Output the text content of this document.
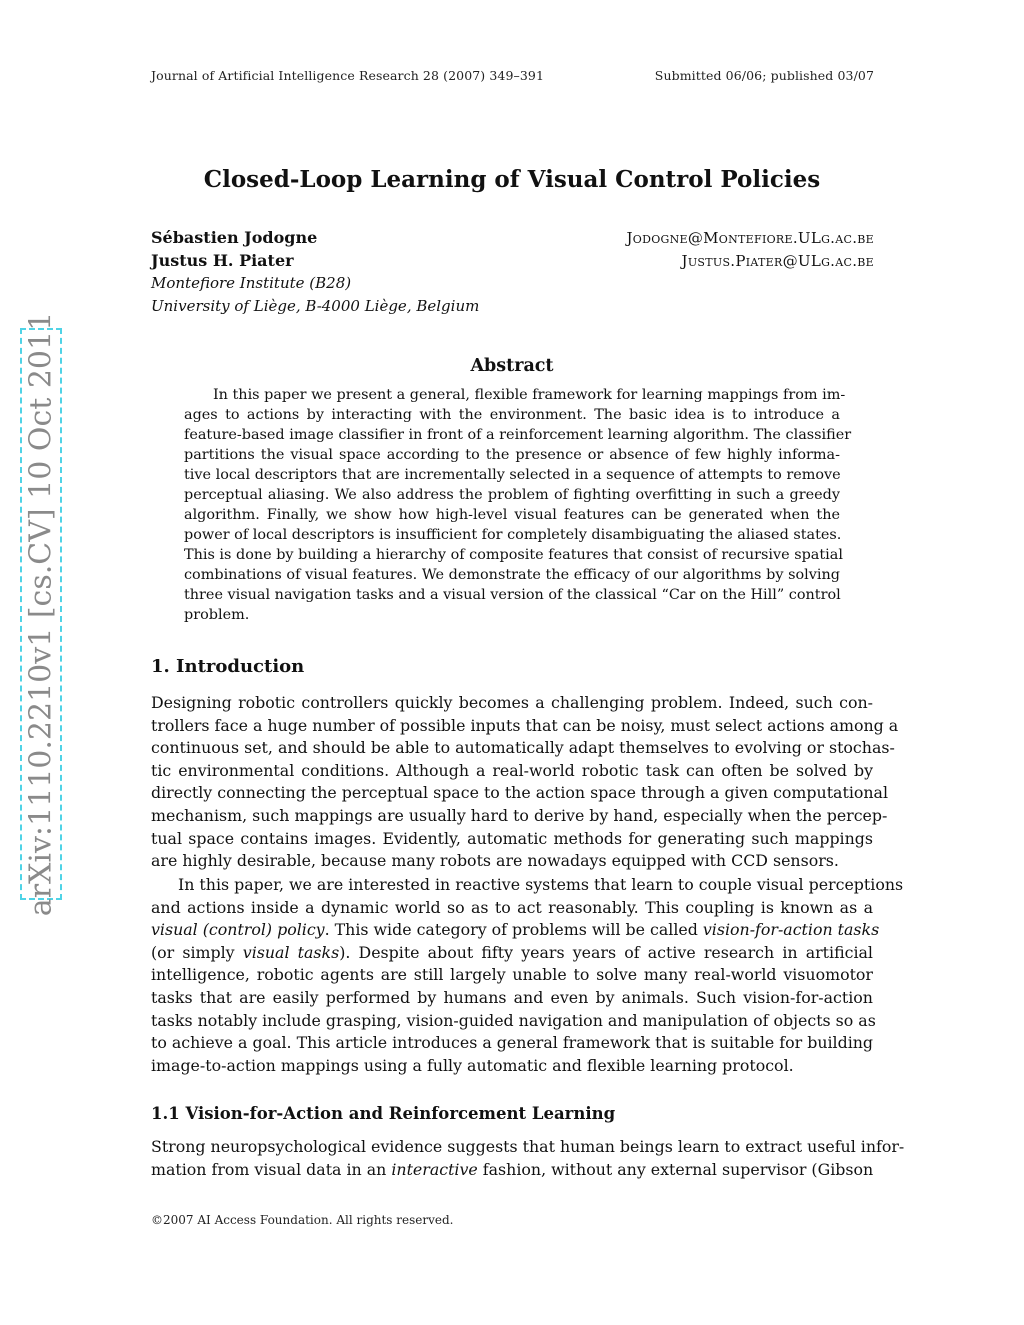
Journal of Artificial Intelligence Research 28 (2007) 349–391	Submitted 06/06; published 03/07
Closed-Loop Learning of Visual Control Policies
Sébastien Jodogne	Jodogne@Montefiore.ULg.ac.be
Justus H. Piater	Justus.Piater@ULg.ac.be
Montefiore Institute (B28)
University of Liège, B-4000 Liège, Belgium
arXiv:1110.2210v1 [cs.CV] 10 Oct 2011	Abstract
In this paper we present a general, flexible framework for learning mappings from im-
ages to actions by interacting with the environment. The basic idea is to introduce a
feature-based image classifier in front of a reinforcement learning algorithm. The classifier
partitions the visual space according to the presence or absence of few highly informa-
tive local descriptors that are incrementally selected in a sequence of attempts to remove
perceptual aliasing. We also address the problem of fighting overfitting in such a greedy
algorithm. Finally, we show how high-level visual features can be generated when the
power of local descriptors is insufficient for completely disambiguating the aliased states.
This is done by building a hierarchy of composite features that consist of recursive spatial
combinations of visual features. We demonstrate the efficacy of our algorithms by solving
three visual navigation tasks and a visual version of the classical “Car on the Hill” control
problem.
1. Introduction
Designing robotic controllers quickly becomes a challenging problem. Indeed, such con-
trollers face a huge number of possible inputs that can be noisy, must select actions among a
continuous set, and should be able to automatically adapt themselves to evolving or stochas-
tic environmental conditions. Although a real-world robotic task can often be solved by
directly connecting the perceptual space to the action space through a given computational
mechanism, such mappings are usually hard to derive by hand, especially when the percep-
tual space contains images. Evidently, automatic methods for generating such mappings
are highly desirable, because many robots are nowadays equipped with CCD sensors.
In this paper, we are interested in reactive systems that learn to couple visual perceptions
and actions inside a dynamic world so as to act reasonably. This coupling is known as a
visual (control) policy. This wide category of problems will be called vision-for-action tasks
(or simply visual tasks). Despite about fifty years years of active research in artificial
intelligence, robotic agents are still largely unable to solve many real-world visuomotor
tasks that are easily performed by humans and even by animals. Such vision-for-action
tasks notably include grasping, vision-guided navigation and manipulation of objects so as
to achieve a goal. This article introduces a general framework that is suitable for building
image-to-action mappings using a fully automatic and flexible learning protocol.
1.1 Vision-for-Action and Reinforcement Learning
Strong neuropsychological evidence suggests that human beings learn to extract useful infor-
mation from visual data in an interactive fashion, without any external supervisor (Gibson
©2007 AI Access Foundation. All rights reserved.
